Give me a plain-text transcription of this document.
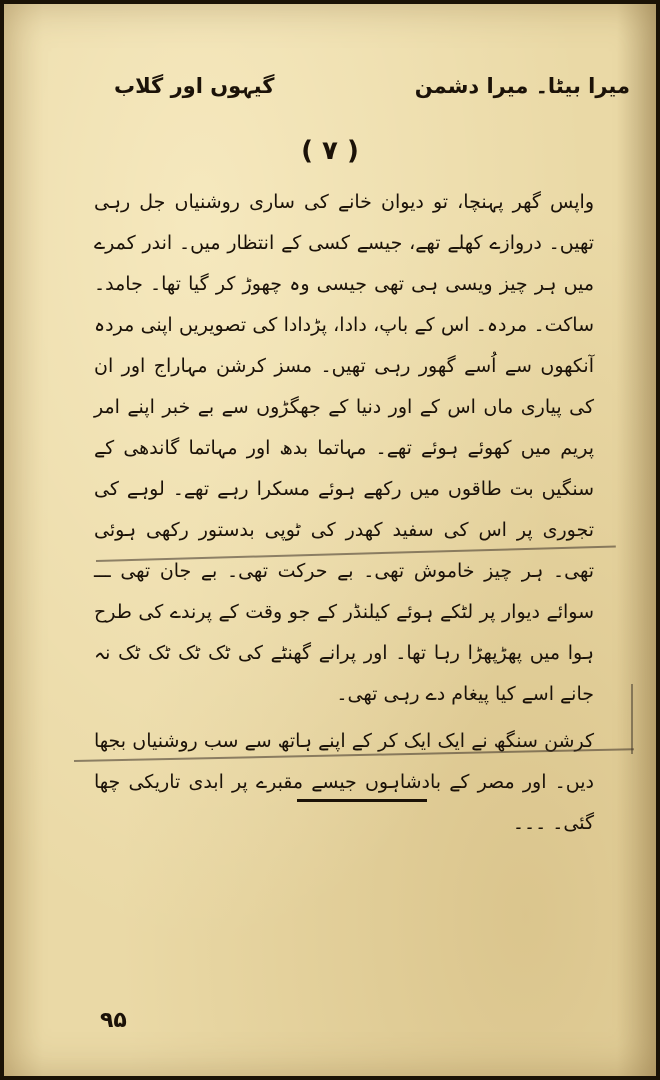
میرا بیٹا۔ میرا دشمن
گیہوں اور گلاب
( ۷ )

واپس گھر پہنچا، تو دیوان خانے کی ساری روشنیاں جل رہی تھیں۔ دروازے کھلے تھے، جیسے کسی کے انتظار میں۔ اندر کمرے میں ہر چیز ویسی ہی تھی جیسی وہ چھوڑ کر گیا تھا۔ جامد۔ ساکت۔ مردہ۔ اس کے باپ، دادا، پڑدادا کی تصویریں اپنی مردہ آنکھوں سے اُسے گھور رہی تھیں۔ مسز کرشن مہاراج اور ان کی پیاری ماں اس کے اور دنیا کے جھگڑوں سے بے خبر اپنے امر پریم میں کھوئے ہوئے تھے۔ مہاتما بدھ اور مہاتما گاندھی کے سنگیں بت طاقوں میں رکھے ہوئے مسکرا رہے تھے۔ لوہے کی تجوری پر اس کی سفید کھدر کی ٹوپی بدستور رکھی ہوئی تھی۔ ہر چیز خاموش تھی۔ بے حرکت تھی۔ بے جان تھی ـــ سوائے دیوار پر لٹکے ہوئے کیلنڈر کے جو وقت کے پرندے کی طرح ہوا میں پھڑپھڑا رہا تھا۔ اور پرانے گھنٹے کی ٹک ٹک ٹک ٹک نہ جانے اسے کیا پیغام دے رہی تھی۔

کرشن سنگھ نے ایک ایک کر کے اپنے ہاتھ سے سب روشنیاں بجھا دیں۔ اور مصر کے بادشاہوں جیسے مقبرے پر ابدی تاریکی چھا گئی۔ ۔۔۔

۹۵
